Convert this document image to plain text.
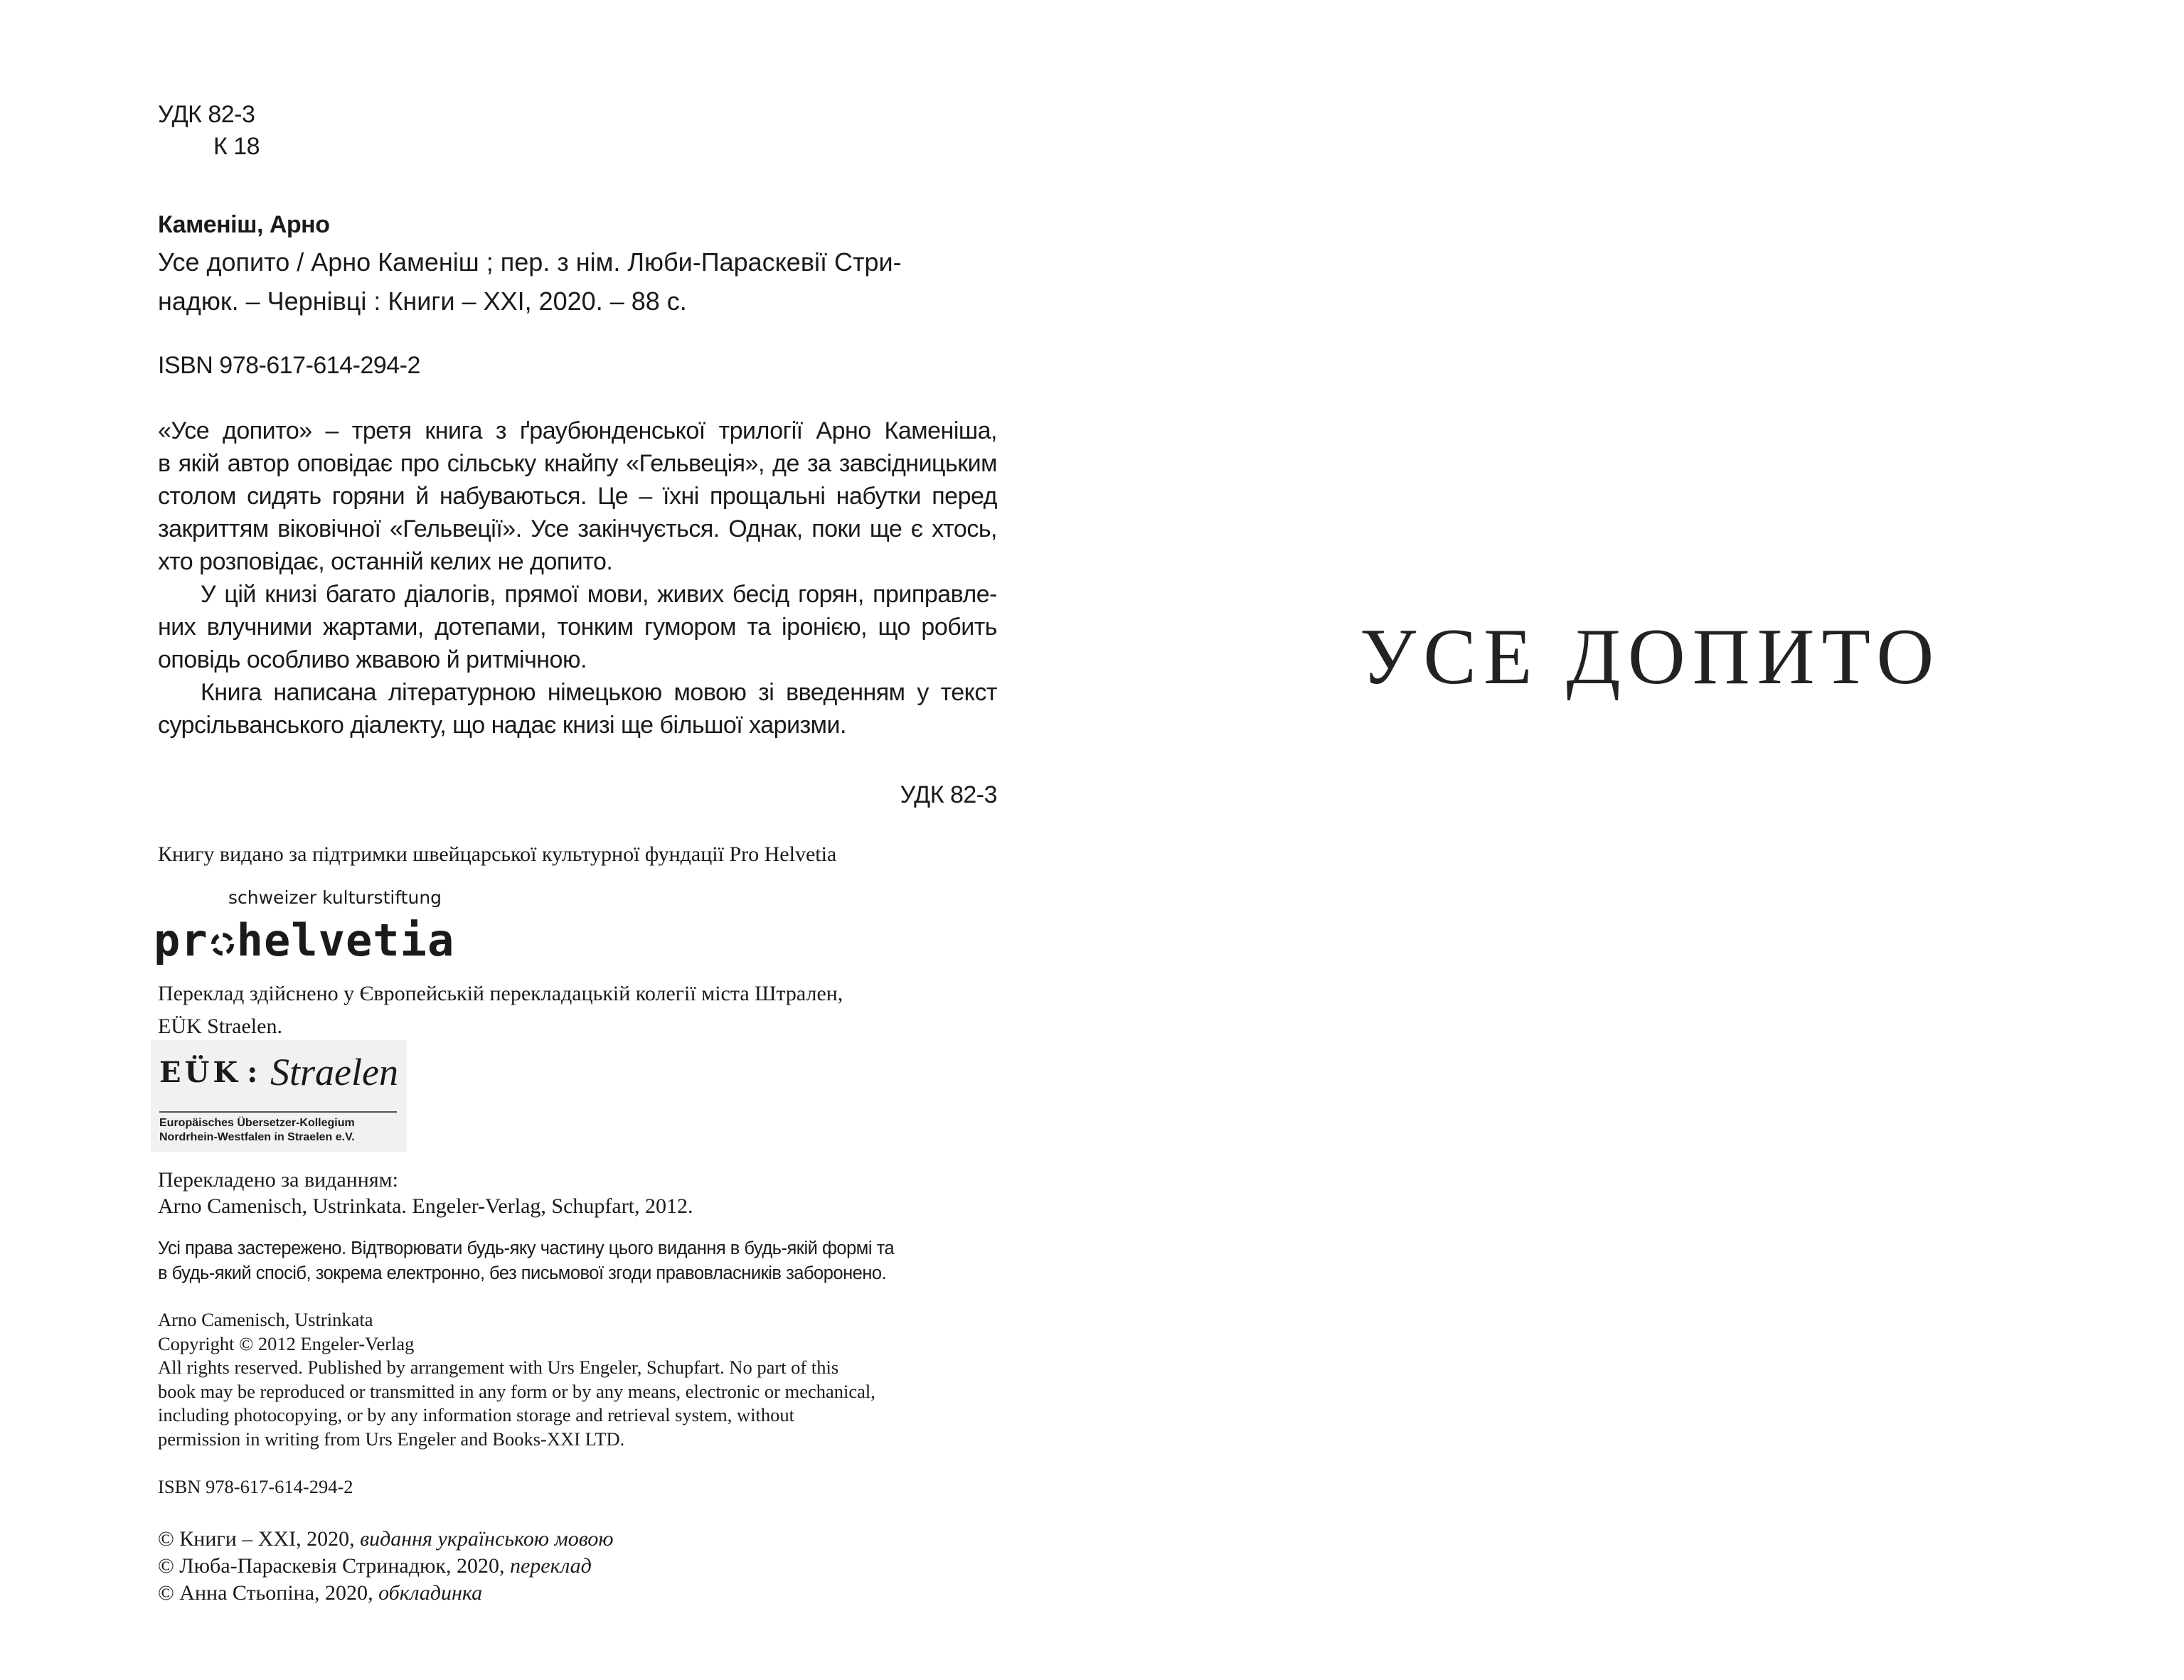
УДК 82-3
К 18
Каменіш, Арно
Усе допито / Арно Каменіш ; пер. з нім. Люби-Параскевії Стри-
надюк. – Чернівці : Книги – ХХІ, 2020. – 88 с.
ISBN 978-617-614-294-2

«Усе допито» – третя книга з ґраубюнденської трилогії Арно Каменіша,

в якій автор оповідає про сільську кнайпу «Гельвеція», де за завсідницьким

столом сидять горяни й набуваються. Це – їхні прощальні набутки перед

закриттям віковічної «Гельвеції». Усе закінчується. Однак, поки ще є хтось,

хто розповідає, останній келих не допито.

У цій книзі багато діалогів, прямої мови, живих бесід горян, приправле-

них влучними жартами, дотепами, тонким гумором та іронією, що робить

оповідь особливо жвавою й ритмічною.

Книга написана літературною німецькою мовою зі введенням у текст

сурсільванського діалекту, що надає книзі ще більшої харизми.

УДК 82-3
Книгу видано за підтримки швейцарської культурної фундації Pro Helvetia
schweizer kulturstiftung
pr helvetia
Переклад здійснено у Європейській перекладацькій колегії міста Штрален,
EÜK Straelen.
EÜK : Straelen
Europäisches Übersetzer-Kollegium
Nordrhein-Westfalen in Straelen e.V.
Перекладено за виданням:
Arno Camenisch, Ustrinkata. Engeler-Verlag, Schupfart, 2012.
Усі права застережено. Відтворювати будь-яку частину цього видання в будь-якій формі та
в будь-який спосіб, зокрема електронно, без письмової згоди правовласників заборонено.
Arno Camenisch, Ustrinkata
Copyright © 2012 Engeler-Verlag
All rights reserved. Published by arrangement with Urs Engeler, Schupfart. No part of this
book may be reproduced or transmitted in any form or by any means, electronic or mechanical,
including photocopying, or by any information storage and retrieval system, without
permission in writing from Urs Engeler and Books-XXI LTD.
ISBN 978-617-614-294-2
© Книги – ХХІ, 2020, видання українською мовою
© Люба-Параскевія Стринадюк, 2020, переклад
© Анна Стьопіна, 2020, обкладинка
УСЕ ДОПИТО
